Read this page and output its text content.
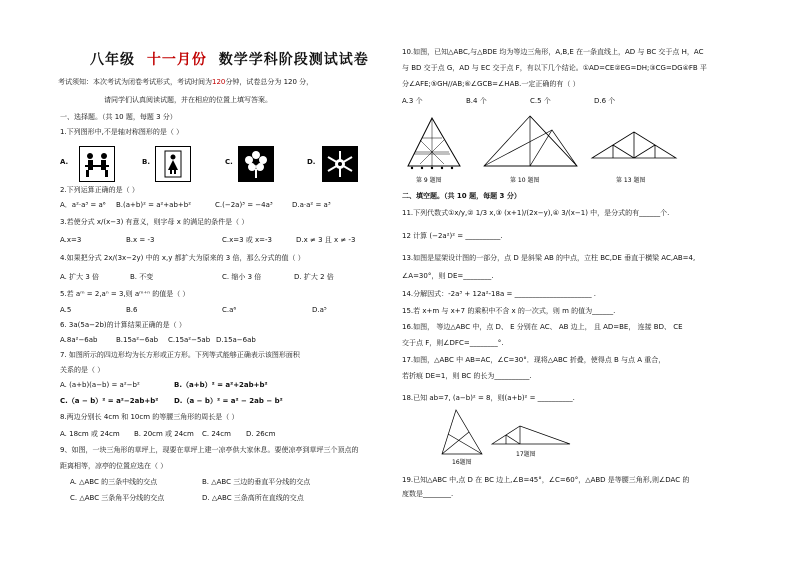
八年级 十一月份 数学学科阶段测试试卷
考试须知：本次考试为闭卷考试形式，考试时间为120分钟，试卷总分为 120 分，
请同学们认真阅读试题，并在相应的位置上填写答案。
一、选择题。（共 10 题，每题 3 分）
1.下列图形中,不是轴对称图形的是（ ）
A.	B.	C.	D.
2.下列运算正确的是（ ）
A．a²·a³ = a⁶ B.(a+b)² = a²+ab+b²	C.(−2a)³ = −4a³	D.a·a² = a³
3.若使分式 x/(x−3) 有意义，则字母 x 的满足的条件是（ ）
A.x=3	B.x = -3	C.x=3 或 x=-3	D.x ≠ 3 且 x ≠ -3
4.如果把分式 2x/(3x−2y) 中的 x,y 都扩大为原来的 3 倍，那么分式的值（ ）
A. 扩大 3 倍	B. 不变	C. 缩小 3 倍	D. 扩大 2 倍
5.若 aᵐ = 2,aⁿ = 3,则 aᵐ⁺ⁿ 的值是（ ）
A.5	B.6	C.a⁶	D.a⁵
6. 3a(5a−2b)的计算结果正确的是（ ）
A.8a²−6ab	B.15a²−6ab C.15a²−5ab D.15a−6ab
7. 如图所示的四边形均为长方形或正方形。下列等式能够正确表示该图形面积
关系的是（ ）
A. (a+b)(a−b) = a²−b²	B.（a+b）² = a²+2ab+b²
C.（a − b）² = a²−2ab+b² D.（a − b）² = a² − 2ab − b²
8.两边分别长 4cm 和 10cm 的等腰三角形的周长是（ ）
A. 18cm 或 24cm B. 20cm 或 24cm C. 24cm D. 26cm
9、如图，一块三角形的草坪上，现要在草坪上建一凉亭供大家休息。要使凉亭到草坪三个顶点的
距离相等，凉亭的位置应选在（ ）
A. △ABC 的三条中线的交点	B. △ABC 三边的垂直平分线的交点
C. △ABC 三条角平分线的交点	D. △ABC 三条高所在直线的交点
10.如图，已知△ABC,与△BDE 均为等边三角形，A,B,E 在一条直线上，AD 与 BC 交于点 H，AC
与 BD 交于点 G，AD 与 EC 交于点 F，有以下几个结论。①AD=CE②EG=DH;③CG=DG④FB 平
分∠AFE;⑤GH//AB;⑥∠GCB=∠HAB.一定正确的有（ ）
A.3 个	B.4 个	C.5 个	D.6 个
第 9 题图	第 10 题图	第 13 题图
二、填空题。（共 10 题，每题 3 分）
11.下列代数式①x/y,② 1/3 x,③ (x+1)/(2x−y),④ 3/(x−1) 中，是分式的有______个.
12 计算 (−2a²)² = __________.
13.如图是屋架设计图的一部分，点 D 是斜梁 AB 的中点，立柱 BC,DE 垂直于横梁 AC,AB=4,
∠A=30°，则 DE=________.
14.分解因式：-2a³ + 12a²-18a = ______________________ .
15.若 x+m 与 x+7 的乘积中不含 x 的一次式，则 m 的值为______.
16.如图， 等边△ABC 中，点 D、 E 分别在 AC、 AB 边上， 且 AD=BE， 连接 BD、 CE
交于点 F，则∠DFC=________°.
17.如图，△ABC 中 AB=AC，∠C=30°．现将△ABC 折叠，使得点 B 与点 A 重合，
若折痕 DE=1，则 BC 的长为__________.
18.已知 ab=7, (a−b)² = 8，则(a+b)² = __________.
16题图
17题图
19.已知△ABC 中,点 D 在 BC 边上,∠B=45°，∠C=60°，△ABD 是等腰三角形,则∠DAC 的
度数是________.
